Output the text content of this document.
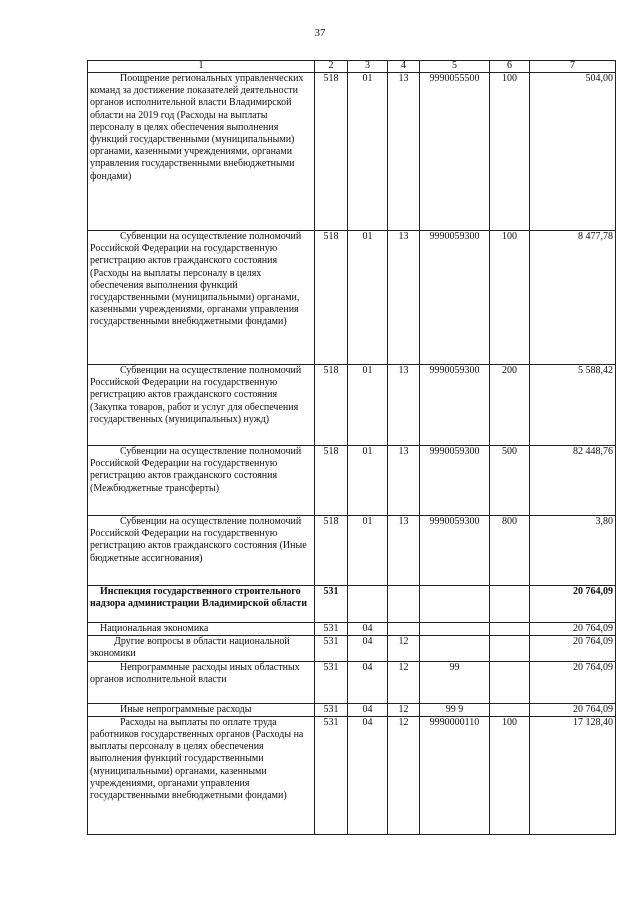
37
1	2	3	4	5	6	7

Поощрение региональных управленческих команд за достижение показателей деятельности органов исполнительной власти Владимирской области на 2019 год (Расходы на выплаты персоналу в целях обеспечения выполнения функций государственными (муниципальными) органами, казенными учреждениями, органами управления государственными внебюджетными фондами)	518	01	13	9990055500	100	504,00

Субвенции на осуществление полномочий Российской Федерации на государственную регистрацию актов гражданского состояния (Расходы на выплаты персоналу в целях обеспечения выполнения функций государственными (муниципальными) органами, казенными учреждениями, органами управления государственными внебюджетными фондами)	518	01	13	9990059300	100	8 477,78

Субвенции на осуществление полномочий Российской Федерации на государственную регистрацию актов гражданского состояния (Закупка товаров, работ и услуг для обеспечения государственных (муниципальных) нужд)	518	01	13	9990059300	200	5 588,42

Субвенции на осуществление полномочий Российской Федерации на государственную регистрацию актов гражданского состояния (Межбюджетные трансферты)	518	01	13	9990059300	500	82 448,76

Субвенции на осуществление полномочий Российской Федерации на государственную регистрацию актов гражданского состояния (Иные бюджетные ассигнования)	518	01	13	9990059300	800	3,80

Инспекция государственного строительного надзора администрации Владимирской области	531					20 764,09

Национальная экономика	531	04				20 764,09

Другие вопросы в области национальной экономики	531	04	12			20 764,09

Непрограммные расходы иных областных органов исполнительной власти	531	04	12	99		20 764,09

Иные непрограммные расходы	531	04	12	99 9		20 764,09

Расходы на выплаты по оплате труда работников государственных органов (Расходы на выплаты персоналу в целях обеспечения выполнения функций государственными (муниципальными) органами, казенными учреждениями, органами управления государственными внебюджетными фондами)	531	04	12	9990000110	100	17 128,40
